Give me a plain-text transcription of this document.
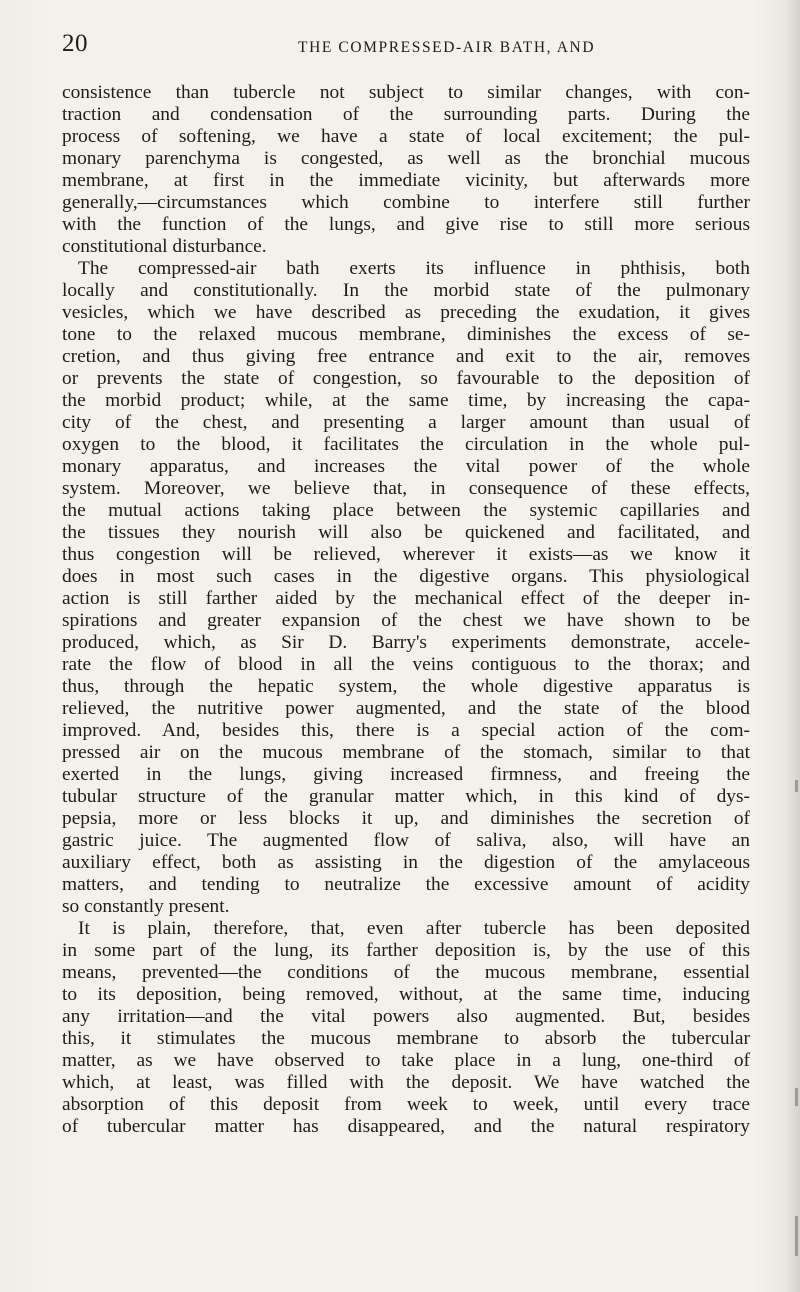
20	THE COMPRESSED-AIR BATH, AND
consistence than tubercle not subject to similar changes, with con-
traction and condensation of the surrounding parts. During the
process of softening, we have a state of local excitement; the pul-
monary parenchyma is congested, as well as the bronchial mucous
membrane, at first in the immediate vicinity, but afterwards more
generally,—circumstances which combine to interfere still further
with the function of the lungs, and give rise to still more serious
constitutional disturbance.
The compressed-air bath exerts its influence in phthisis, both
locally and constitutionally. In the morbid state of the pulmonary
vesicles, which we have described as preceding the exudation, it gives
tone to the relaxed mucous membrane, diminishes the excess of se-
cretion, and thus giving free entrance and exit to the air, removes
or prevents the state of congestion, so favourable to the deposition of
the morbid product; while, at the same time, by increasing the capa-
city of the chest, and presenting a larger amount than usual of
oxygen to the blood, it facilitates the circulation in the whole pul-
monary apparatus, and increases the vital power of the whole
system. Moreover, we believe that, in consequence of these effects,
the mutual actions taking place between the systemic capillaries and
the tissues they nourish will also be quickened and facilitated, and
thus congestion will be relieved, wherever it exists—as we know it
does in most such cases in the digestive organs. This physiological
action is still farther aided by the mechanical effect of the deeper in-
spirations and greater expansion of the chest we have shown to be
produced, which, as Sir D. Barry's experiments demonstrate, accele-
rate the flow of blood in all the veins contiguous to the thorax; and
thus, through the hepatic system, the whole digestive apparatus is
relieved, the nutritive power augmented, and the state of the blood
improved. And, besides this, there is a special action of the com-
pressed air on the mucous membrane of the stomach, similar to that
exerted in the lungs, giving increased firmness, and freeing the
tubular structure of the granular matter which, in this kind of dys-
pepsia, more or less blocks it up, and diminishes the secretion of
gastric juice. The augmented flow of saliva, also, will have an
auxiliary effect, both as assisting in the digestion of the amylaceous
matters, and tending to neutralize the excessive amount of acidity
so constantly present.
It is plain, therefore, that, even after tubercle has been deposited
in some part of the lung, its farther deposition is, by the use of this
means, prevented—the conditions of the mucous membrane, essential
to its deposition, being removed, without, at the same time, inducing
any irritation—and the vital powers also augmented. But, besides
this, it stimulates the mucous membrane to absorb the tubercular
matter, as we have observed to take place in a lung, one-third of
which, at least, was filled with the deposit. We have watched the
absorption of this deposit from week to week, until every trace
of tubercular matter has disappeared, and the natural respiratory
